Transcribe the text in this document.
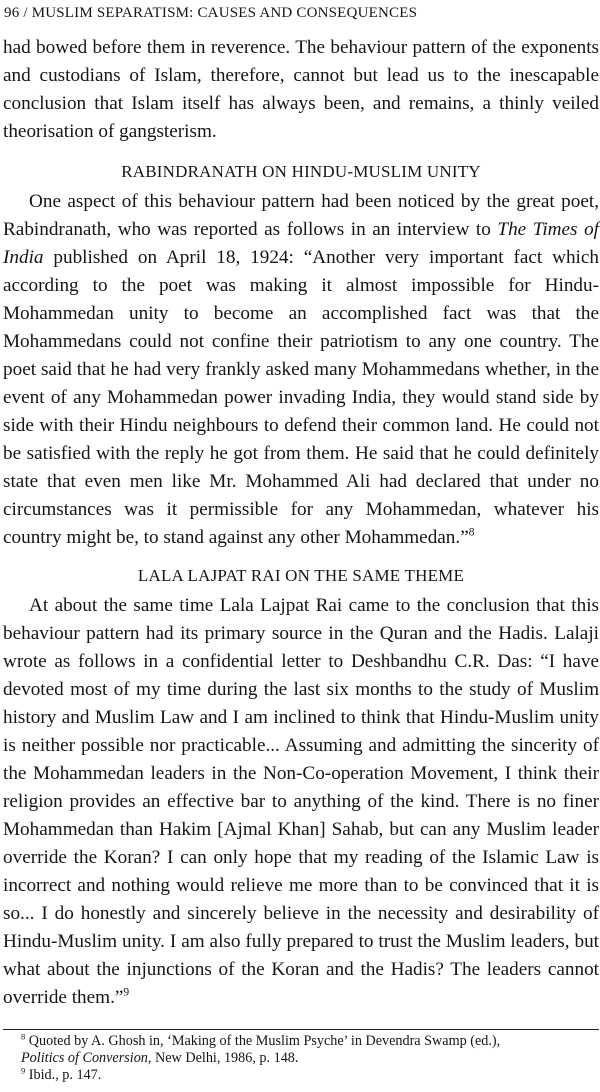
96 / MUSLIM SEPARATISM: CAUSES AND CONSEQUENCES

had bowed before them in reverence. The behaviour pattern of the exponents and custodians of Islam, therefore, cannot but lead us to the inescapable conclusion that Islam itself has always been, and remains, a thinly veiled theorisation of gangsterism.

RABINDRANATH ON HINDU-MUSLIM UNITY

One aspect of this behaviour pattern had been noticed by the great poet, Rabindranath, who was reported as follows in an interview to The Times of India published on April 18, 1924: “Another very important fact which according to the poet was making it almost impossible for Hindu-Mohammedan unity to become an accomplished fact was that the Mohammedans could not confine their patriotism to any one country. The poet said that he had very frankly asked many Mohammedans whether, in the event of any Mohammedan power invading India, they would stand side by side with their Hindu neighbours to defend their common land. He could not be satisfied with the reply he got from them. He said that he could definitely state that even men like Mr. Mohammed Ali had declared that under no circumstances was it permissible for any Mohammedan, whatever his country might be, to stand against any other Mohammedan.”$^8$

LALA LAJPAT RAI ON THE SAME THEME

At about the same time Lala Lajpat Rai came to the conclusion that this behaviour pattern had its primary source in the Quran and the Hadis. Lalaji wrote as follows in a confidential letter to Deshbandhu C.R. Das: “I have devoted most of my time during the last six months to the study of Muslim history and Muslim Law and I am inclined to think that Hindu-Muslim unity is neither possible nor practicable... Assuming and admitting the sincerity of the Mohammedan leaders in the Non-Co-operation Movement, I think their religion provides an effective bar to anything of the kind. There is no finer Mohammedan than Hakim [Ajmal Khan] Sahab, but can any Muslim leader override the Koran? I can only hope that my reading of the Islamic Law is incorrect and nothing would relieve me more than to be convinced that it is so... I do honestly and sincerely believe in the necessity and desirability of Hindu-Muslim unity. I am also fully prepared to trust the Muslim leaders, but what about the injunctions of the Koran and the Hadis? The leaders cannot override them.”$^9$

$^8$ Quoted by A. Ghosh in, ‘Making of the Muslim Psyche’ in Devendra Swamp (ed.),
Politics of Conversion, New Delhi, 1986, p. 148.
$^9$ Ibid., p. 147.
